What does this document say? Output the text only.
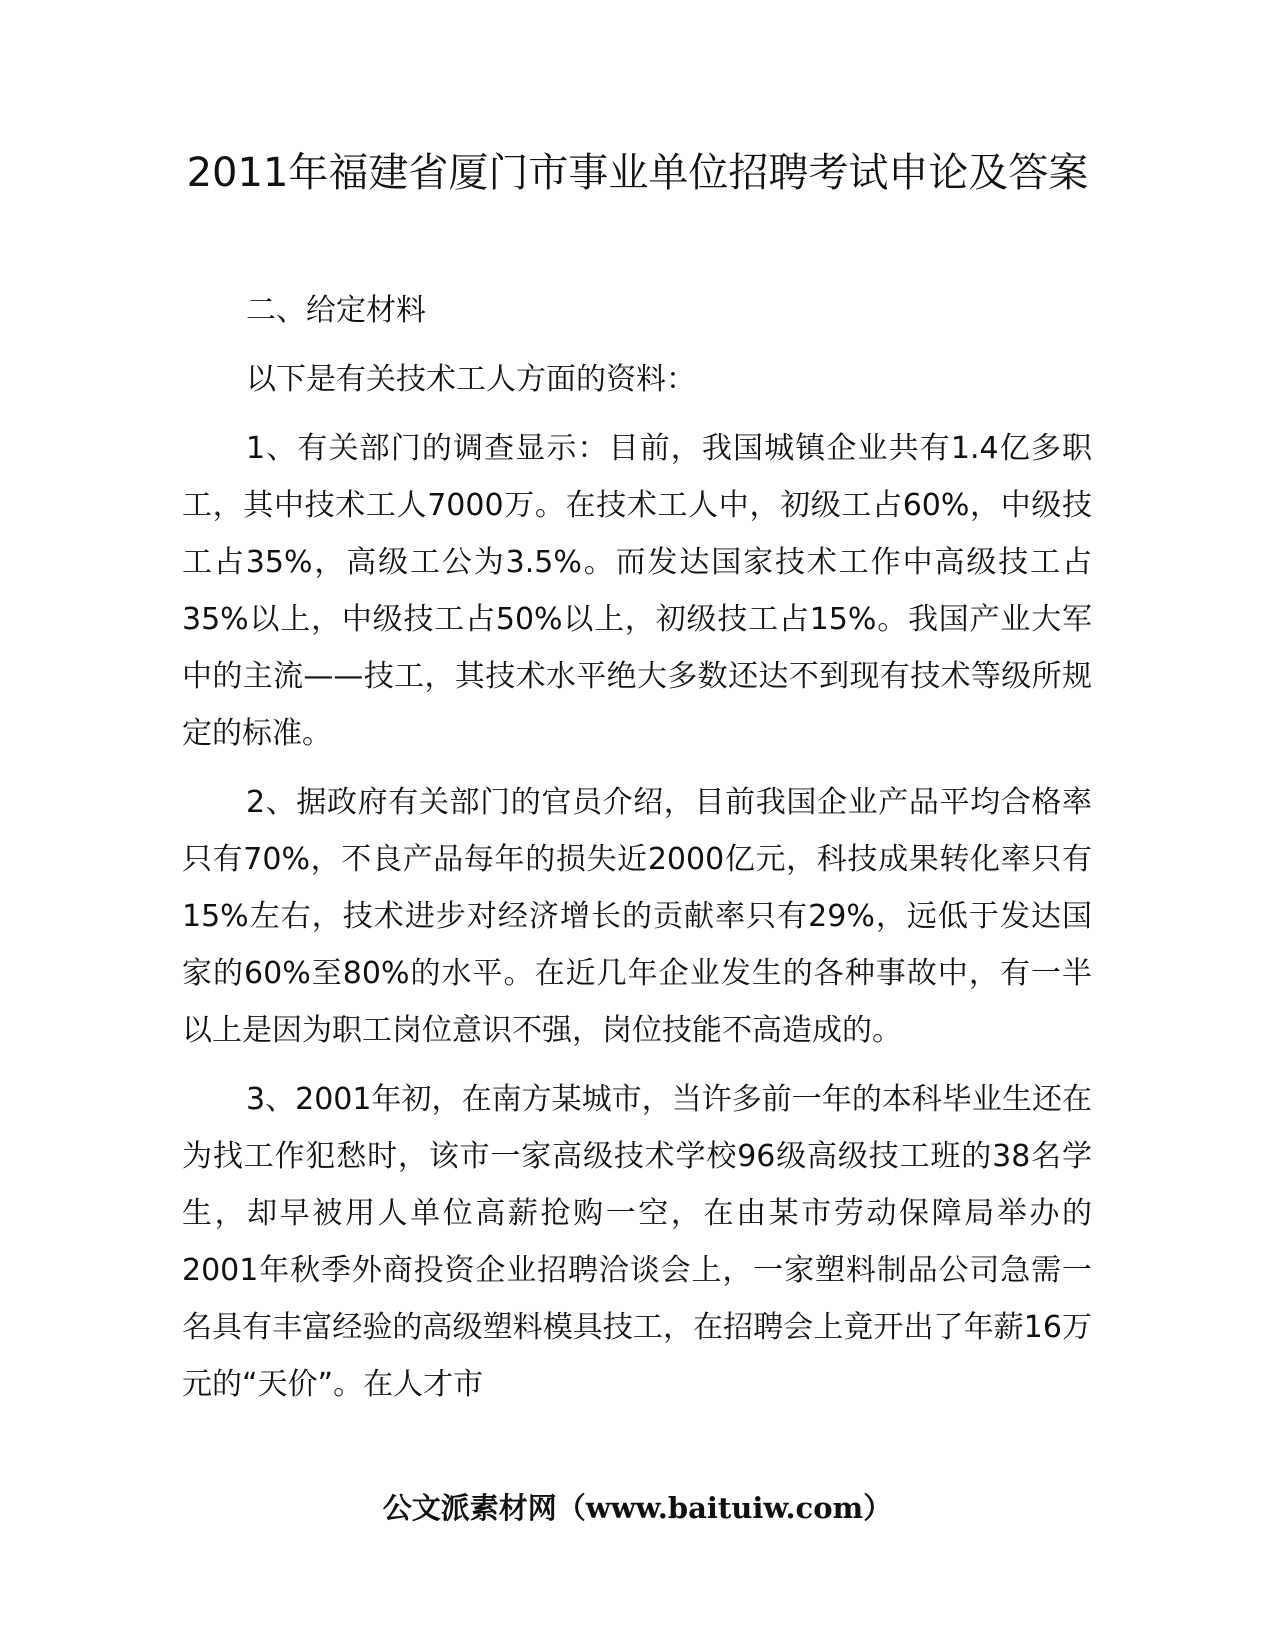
2011年福建省厦门市事业单位招聘考试申论及答案

二、给定材料

以下是有关技术工人方面的资料：

1、有关部门的调查显示：目前，我国城镇企业共有1.4亿多职工，其中技术工人7000万。在技术工人中，初级工占60%，中级技工占35%，高级工公为3.5%。而发达国家技术工作中高级技工占35%以上，中级技工占50%以上，初级技工占15%。我国产业大军中的主流——技工，其技术水平绝大多数还达不到现有技术等级所规定的标准。

2、据政府有关部门的官员介绍，目前我国企业产品平均合格率只有70%，不良产品每年的损失近2000亿元，科技成果转化率只有15%左右，技术进步对经济增长的贡献率只有29%，远低于发达国家的60%至80%的水平。在近几年企业发生的各种事故中，有一半以上是因为职工岗位意识不强，岗位技能不高造成的。

3、2001年初，在南方某城市，当许多前一年的本科毕业生还在为找工作犯愁时，该市一家高级技术学校96级高级技工班的38名学生，却早被用人单位高薪抢购一空，在由某市劳动保障局举办的2001年秋季外商投资企业招聘洽谈会上，一家塑料制品公司急需一名具有丰富经验的高级塑料模具技工，在招聘会上竟开出了年薪16万元的“天价”。在人才市

公文派素材网（www.baituiw.com）
